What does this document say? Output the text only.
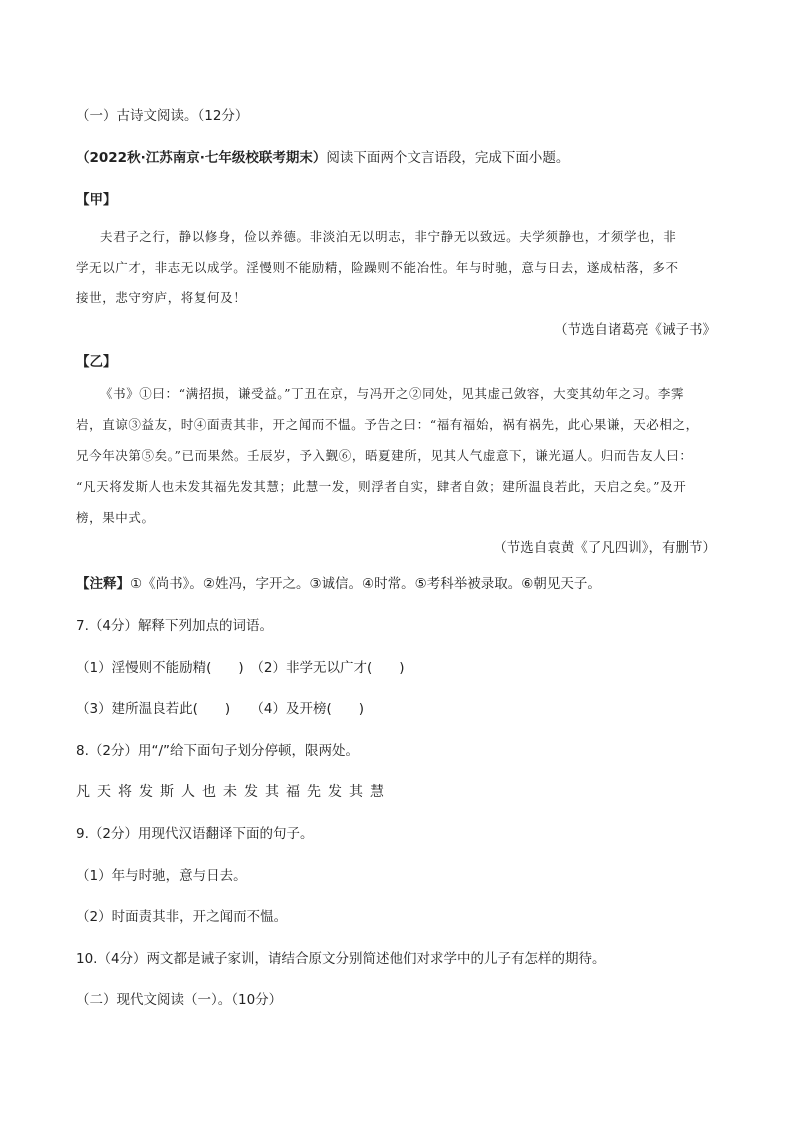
（一）古诗文阅读。（12分）
（2022秋·江苏南京·七年级校联考期末）阅读下面两个文言语段，完成下面小题。
【甲】
夫君子之行，静以修身，俭以养德。非淡泊无以明志，非宁静无以致远。夫学须静也，才须学也，非
学无以广才，非志无以成学。淫慢则不能励精，险躁则不能冶性。年与时驰，意与日去，遂成枯落，多不
接世，悲守穷庐，将复何及！
（节选自诸葛亮《诫子书》
【乙】
《书》①曰：“满招损，谦受益。”丁丑在京，与冯开之②同处，见其虚己敛容，大变其幼年之习。李霁
岩，直谅③益友，时④面责其非，开之闻而不愠。予告之曰：“福有福始，祸有祸先，此心果谦，天必相之，
兄今年决第⑤矣。”已而果然。壬辰岁，予入觐⑥，晤夏建所，见其人气虚意下，谦光逼人。归而告友人曰：
“凡天将发斯人也未发其福先发其慧；此慧一发，则浮者自实，肆者自敛；建所温良若此，天启之矣。”及开
榜，果中式。
（节选自袁黄《了凡四训》，有删节）
【注释】①《尚书》。②姓冯，字开之。③诚信。④时常。⑤考科举被录取。⑥朝见天子。
7.（4分）解释下列加点的词语。
（1）淫慢则不能励精(　　)　（2）非学无以广才(　　)
（3）建所温良若此(　　)　　（4）及开榜(　　)
8.（2分）用“/”给下面句子划分停顿，限两处。
凡天将发斯人也未发其福先发其慧
9.（2分）用现代汉语翻译下面的句子。
（1）年与时驰，意与日去。
（2）时面责其非，开之闻而不愠。
10.（4分）两文都是诫子家训，请结合原文分别简述他们对求学中的儿子有怎样的期待。
（二）现代文阅读（一）。（10分）
